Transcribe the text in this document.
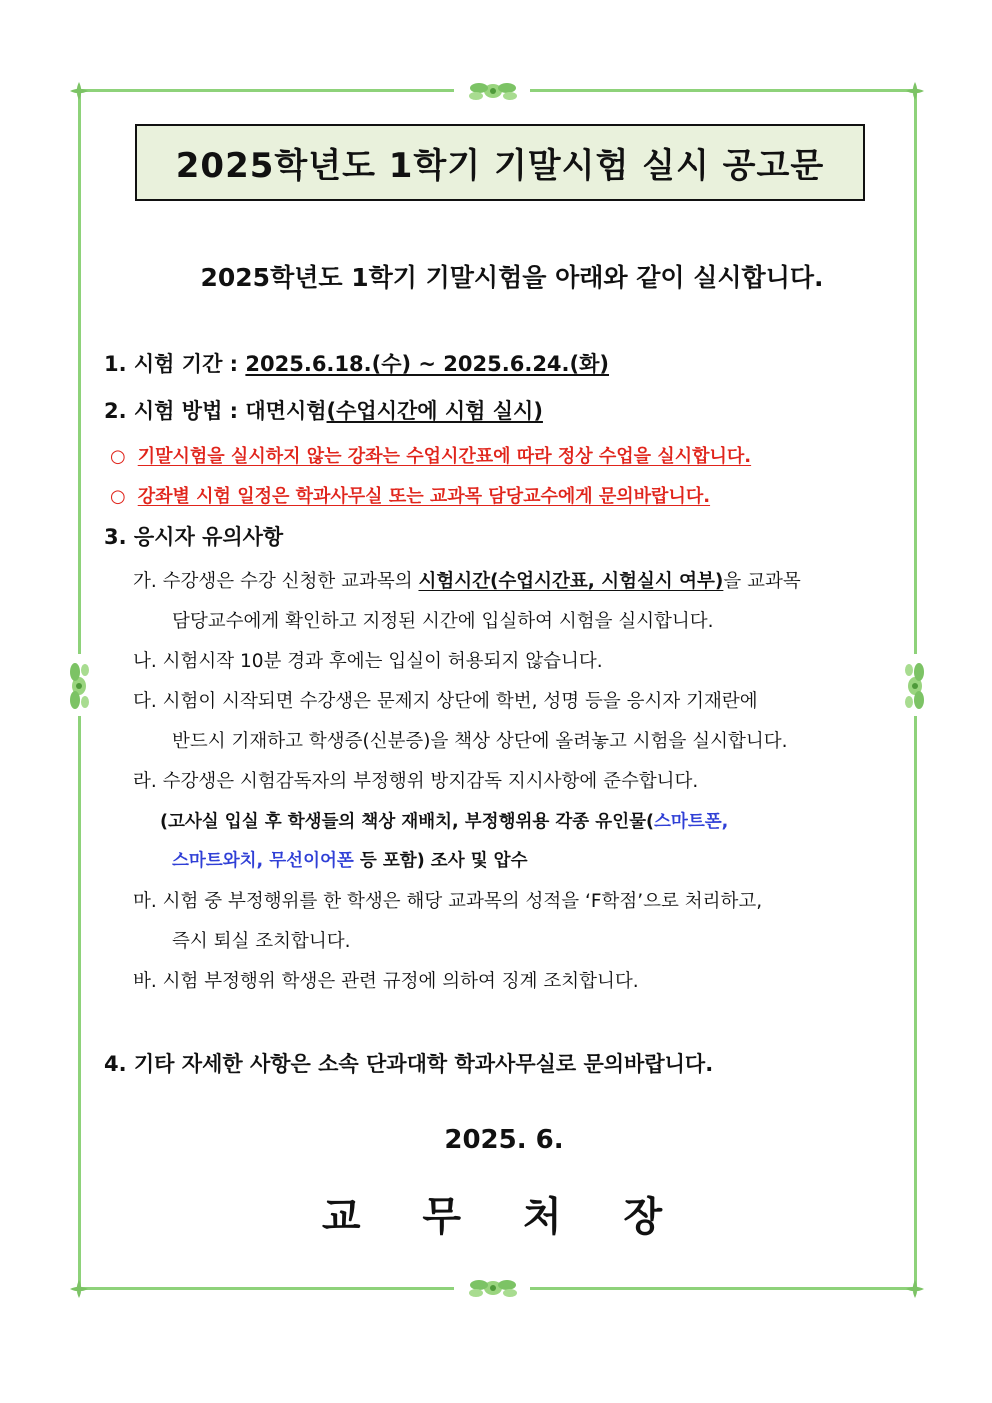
2025학년도 1학기 기말시험 실시 공고문
2025학년도 1학기 기말시험을 아래와 같이 실시합니다.
1. 시험 기간 : 2025.6.18.(수) ~ 2025.6.24.(화)
2. 시험 방법 : 대면시험(수업시간에 시험 실시)
○ 기말시험을 실시하지 않는 강좌는 수업시간표에 따라 정상 수업을 실시합니다.
○ 강좌별 시험 일정은 학과사무실 또는 교과목 담당교수에게 문의바랍니다.
3. 응시자 유의사항
가. 수강생은 수강 신청한 교과목의 시험시간(수업시간표, 시험실시 여부)을 교과목
담당교수에게 확인하고 지정된 시간에 입실하여 시험을 실시합니다.
나. 시험시작 10분 경과 후에는 입실이 허용되지 않습니다.
다. 시험이 시작되면 수강생은 문제지 상단에 학번, 성명 등을 응시자 기재란에
반드시 기재하고 학생증(신분증)을 책상 상단에 올려놓고 시험을 실시합니다.
라. 수강생은 시험감독자의 부정행위 방지감독 지시사항에 준수합니다.
(고사실 입실 후 학생들의 책상 재배치, 부정행위용 각종 유인물(스마트폰,
스마트와치, 무선이어폰 등 포함) 조사 및 압수
마. 시험 중 부정행위를 한 학생은 해당 교과목의 성적을 ‘F학점’으로 처리하고,
즉시 퇴실 조치합니다.
바. 시험 부정행위 학생은 관련 규정에 의하여 징계 조치합니다.
4. 기타 자세한 사항은 소속 단과대학 학과사무실로 문의바랍니다.
2025. 6.
교 무 처 장
